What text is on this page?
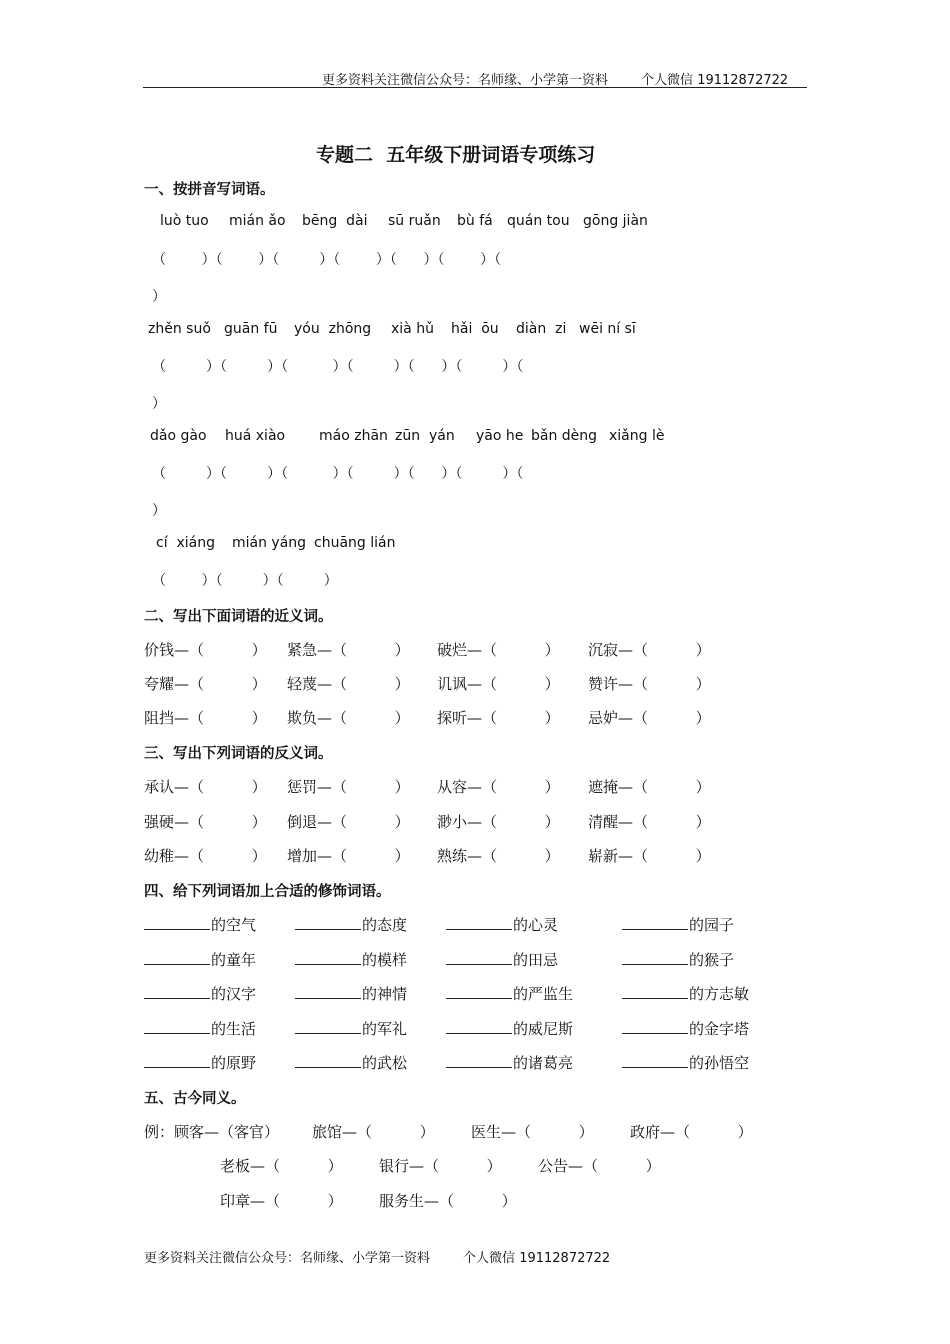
更多资料关注微信公众号：名师缘、小学第一资料        个人微信 19112872722
专题二  五年级下册词语专项练习
一、按拼音写词语。
luò tuo mián ǎo bēng  dài sū ruǎn bù fá quán tou gōng jiàn
（        ）（        ）（         ）（        ）（      ）（        ）（
）
zhěn suǒ guān fū yóu  zhōng xià hǔ hǎi  ōu diàn  zi wēi ní sī
（         ）（         ）（          ）（         ）（      ）（         ）（
）
dǎo gào huá xiào máo zhān zūn  yán yāo he bǎn dèng xiǎng lè
（         ）（         ）（          ）（         ）（      ）（         ）（
）
cí  xiáng mián yáng chuāng lián
（        ）（         ）（         ）
二、写出下面词语的近义词。
价钱—（          ） 紧急—（          ） 破烂—（          ） 沉寂—（          ）
夸耀—（          ） 轻蔑—（          ） 讥讽—（          ） 赞许—（          ）
阻挡—（          ） 欺负—（          ） 探听—（          ） 忌妒—（          ）
三、写出下列词语的反义词。
承认—（          ） 惩罚—（          ） 从容—（          ） 遮掩—（          ）
强硬—（          ） 倒退—（          ） 渺小—（          ） 清醒—（          ）
幼稚—（          ） 增加—（          ） 熟练—（          ） 崭新—（          ）
四、给下列词语加上合适的修饰词语。
的空气	的态度	的心灵	的园子
的童年	的模样	的田忌	的猴子
的汉字	的神情	的严监生	的方志敏
的生活	的军礼	的威尼斯	的金字塔
的原野	的武松	的诸葛亮	的孙悟空
五、古今同义。
例：顾客—（客官） 旅馆—（          ） 医生—（          ） 政府—（          ）
老板—（          ） 银行—（          ） 公告—（          ）
印章—（          ） 服务生—（          ）
更多资料关注微信公众号：名师缘、小学第一资料        个人微信 19112872722
